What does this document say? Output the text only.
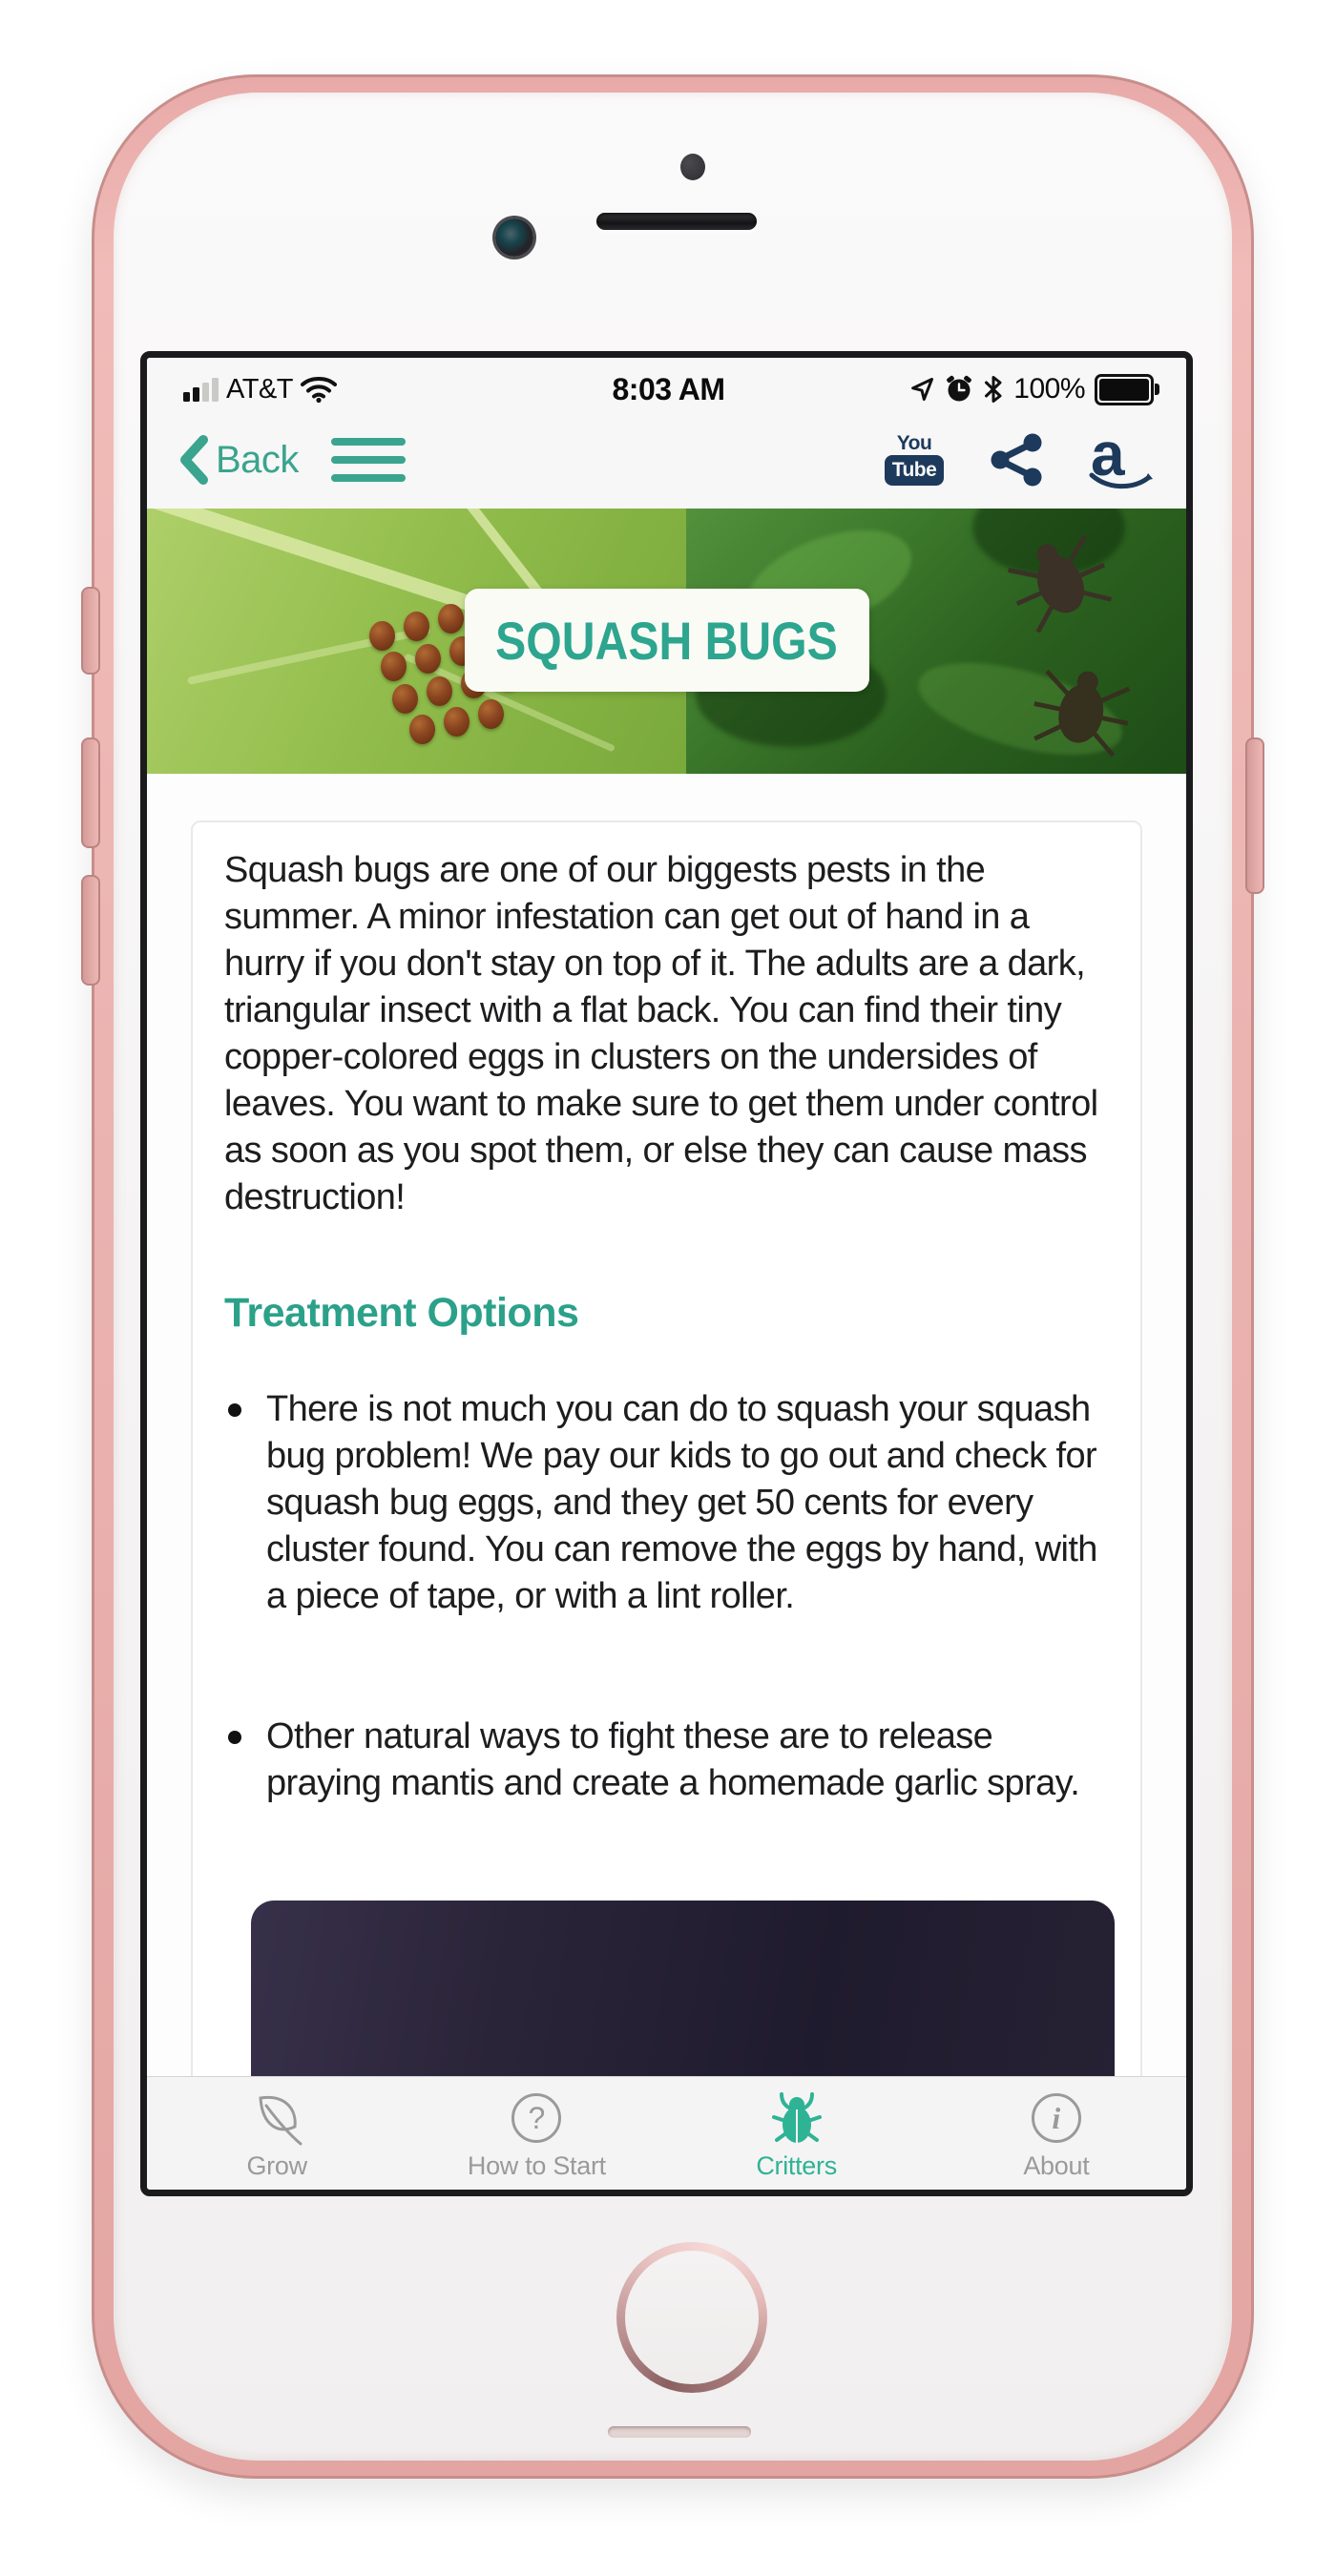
AT&T	8:03 AM	100%
Back	You
Tube	a
SQUASH BUGS
Squash bugs are one of our biggests pests in the summer. A minor infestation can get out of hand in a hurry if you don't stay on top of it. The adults are a dark, triangular insect with a flat back. You can find their tiny copper-colored eggs in clusters on the undersides of leaves. You want to make sure to get them under control as soon as you spot them, or else they can cause mass destruction!
Treatment Options
There is not much you can do to squash your squash bug problem! We pay our kids to go out and check for squash bug eggs, and they get 50 cents for every cluster found. You can remove the eggs by hand, with a piece of tape, or with a lint roller.
Other natural ways to fight these are to release praying mantis and create a homemade garlic spray.
Grow
?
How to Start	Critters
i
About
